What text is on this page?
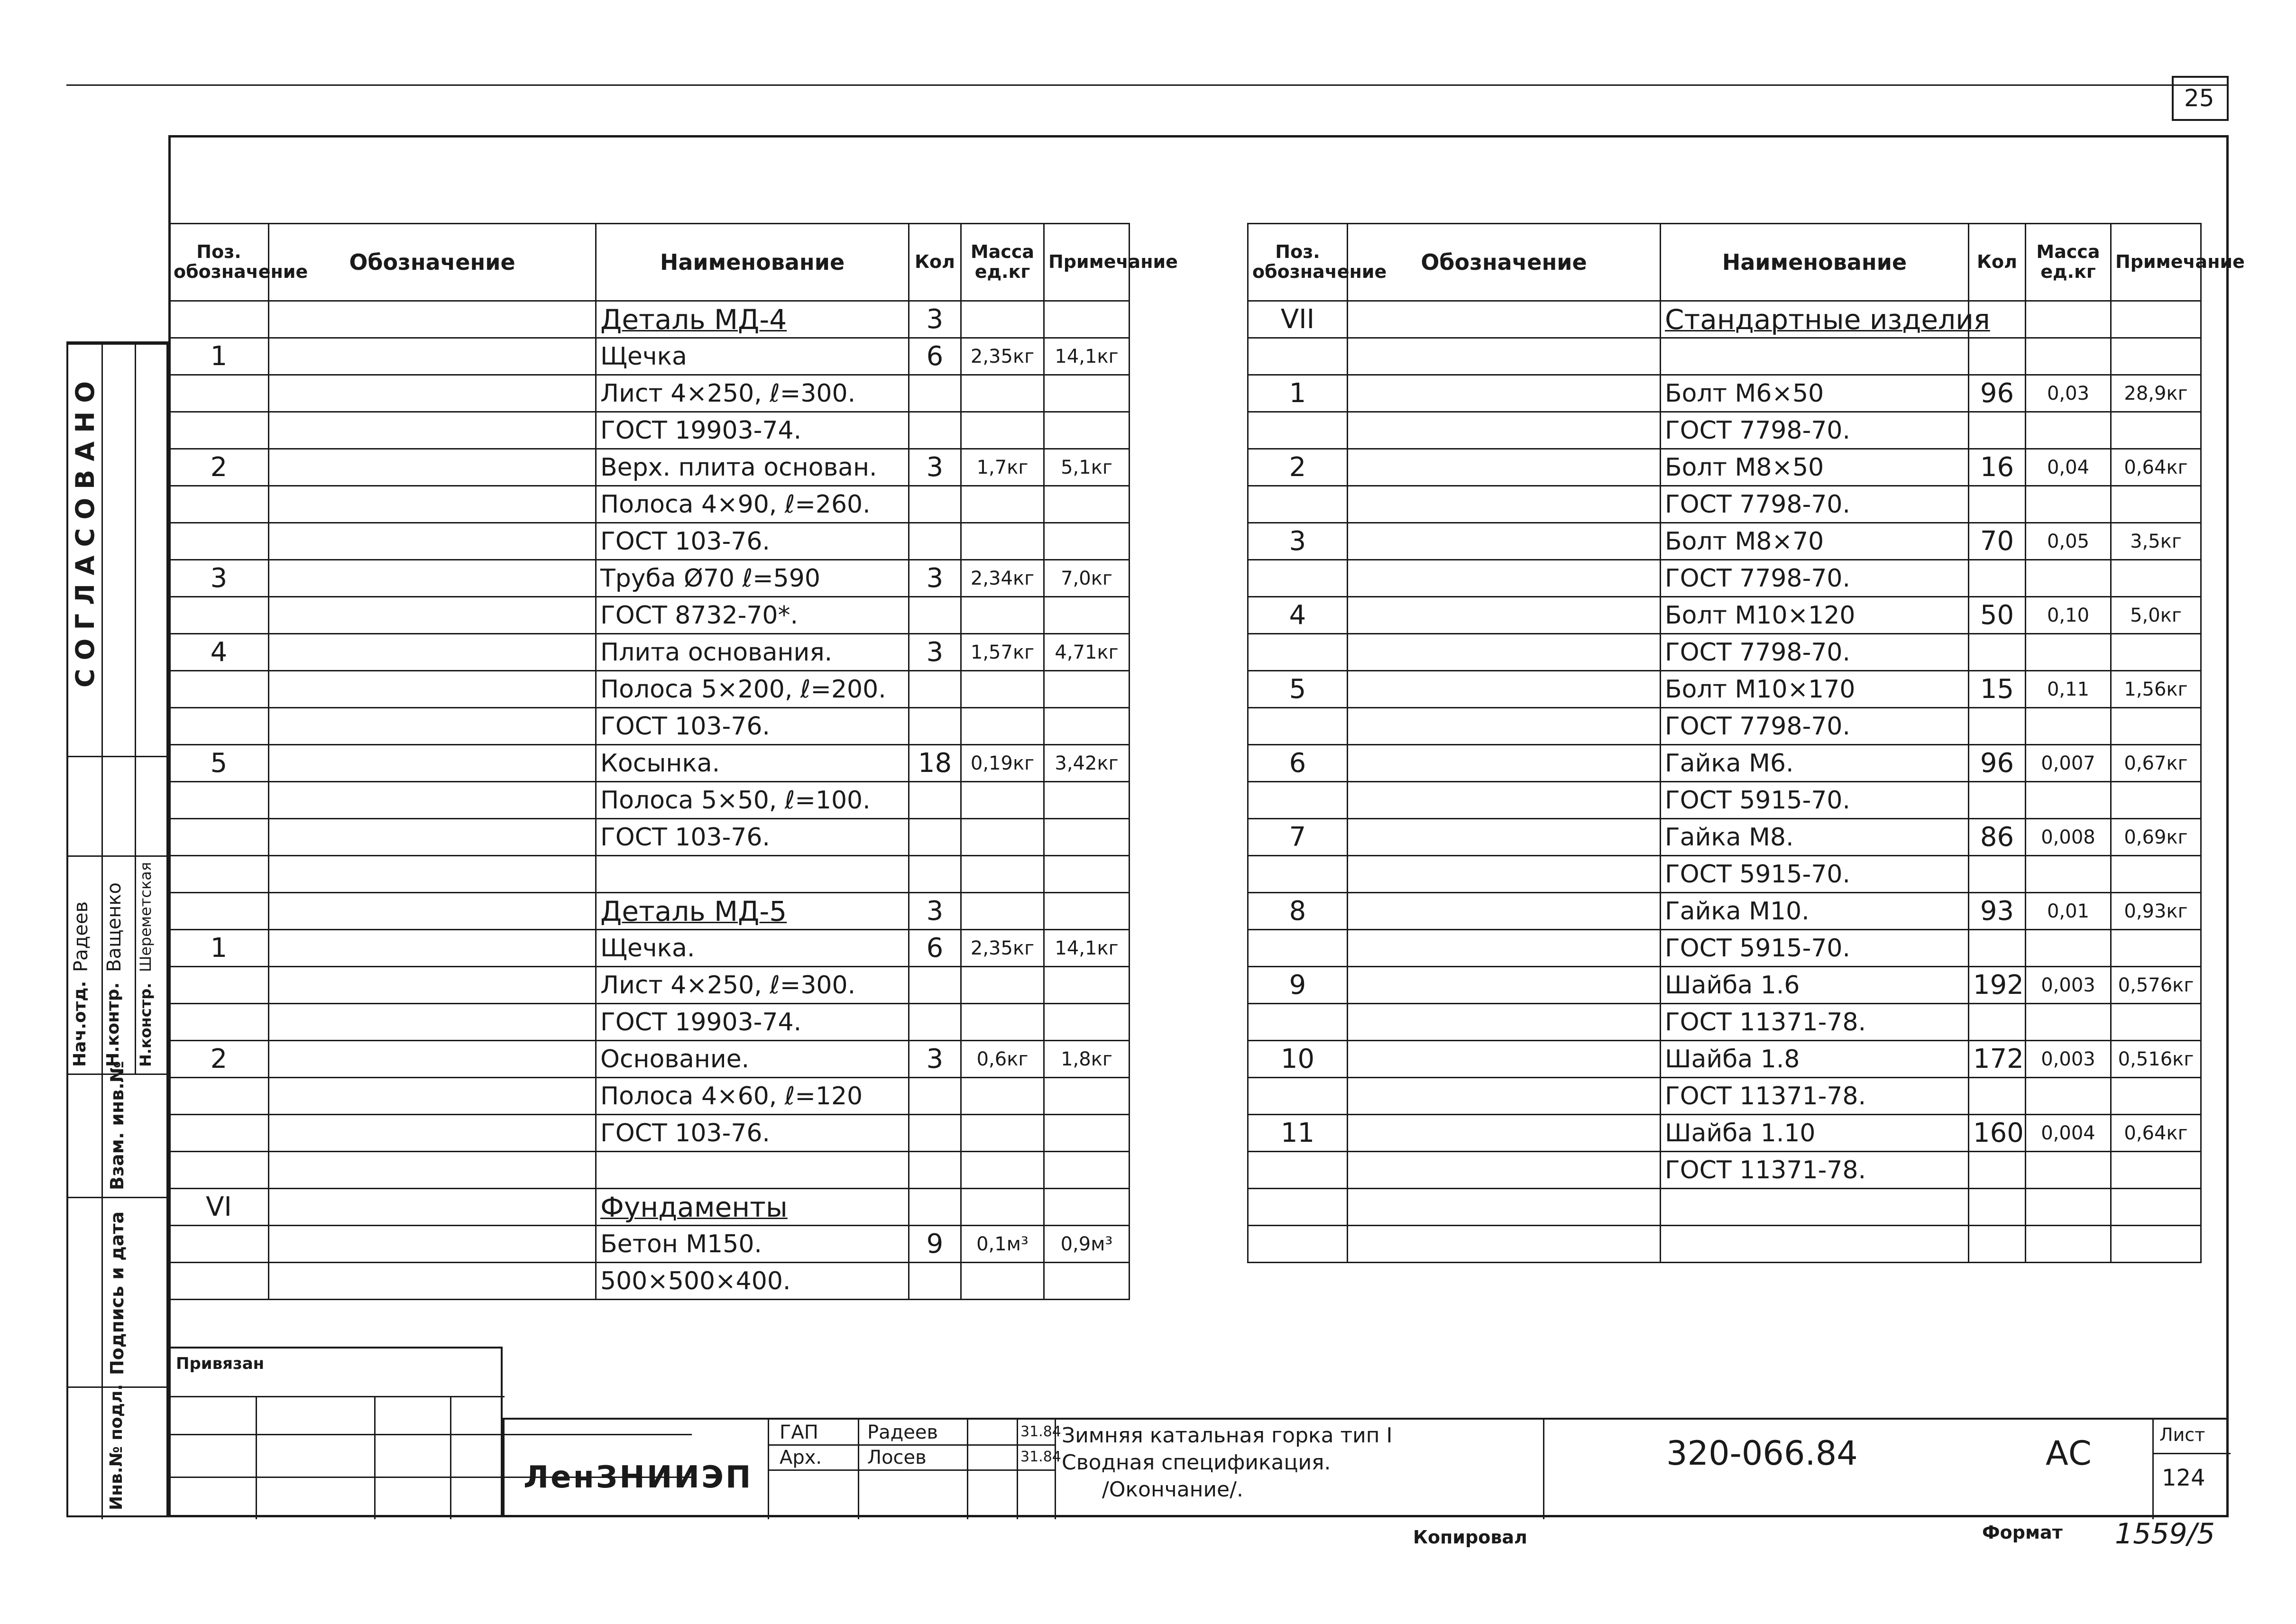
25
СОГЛАСОВАНО
Нач.отд.
Радеев
Н.контр.
Ващенко
Н.констр.
Шереметская
Взам. инв.№
Подпись и дата
Инв.№ подл.
Поз. обозначение	Обозначение	Наименование	Кол	Масса ед.кг	Примечание
		Деталь МД-4	3		
1		Щечка	6	2,35кг	14,1кг
		Лист 4×250, ℓ=300.			
		ГОСТ 19903-74.			
2		Верх. плита основан.	3	1,7кг	5,1кг
		Полоса 4×90, ℓ=260.			
		ГОСТ 103-76.			
3		Труба Ø70 ℓ=590	3	2,34кг	7,0кг
		ГОСТ 8732-70*.			
4		Плита основания.	3	1,57кг	4,71кг
		Полоса 5×200, ℓ=200.			
		ГОСТ 103-76.			
5		Косынка.	18	0,19кг	3,42кг
		Полоса 5×50, ℓ=100.			
		ГОСТ 103-76.			

		Деталь МД-5	3		
1		Щечка.	6	2,35кг	14,1кг
		Лист 4×250, ℓ=300.			
		ГОСТ 19903-74.			
2		Основание.	3	0,6кг	1,8кг
		Полоса 4×60, ℓ=120			
		ГОСТ 103-76.			

VI		Фундаменты			
		Бетон М150.	9	0,1м³	0,9м³
		500×500×400.			
Поз. обозначение	Обозначение	Наименование	Кол	Масса ед.кг	Примечание
VII		Стандартные изделия			

1		Болт М6×50	96	0,03	28,9кг
		ГОСТ 7798-70.			
2		Болт М8×50	16	0,04	0,64кг
		ГОСТ 7798-70.			
3		Болт М8×70	70	0,05	3,5кг
		ГОСТ 7798-70.			
4		Болт М10×120	50	0,10	5,0кг
		ГОСТ 7798-70.			
5		Болт М10×170	15	0,11	1,56кг
		ГОСТ 7798-70.			
6		Гайка М6.	96	0,007	0,67кг
		ГОСТ 5915-70.			
7		Гайка М8.	86	0,008	0,69кг
		ГОСТ 5915-70.			
8		Гайка М10.	93	0,01	0,93кг
		ГОСТ 5915-70.			
9		Шайба 1.6	192	0,003	0,576кг
		ГОСТ 11371-78.			
10		Шайба 1.8	172	0,003	0,516кг
		ГОСТ 11371-78.			
11		Шайба 1.10	160	0,004	0,64кг
		ГОСТ 11371-78.			

Привязан
ЛенЗНИИЭП
ГАП	Радеев	31.84
Арх. Лосев	31.84
Зимняя катальная горка тип I
Сводная спецификация.
/Окончание/.
320-066.84	АС	Лист
124
Копировал	Формат 1559/5
